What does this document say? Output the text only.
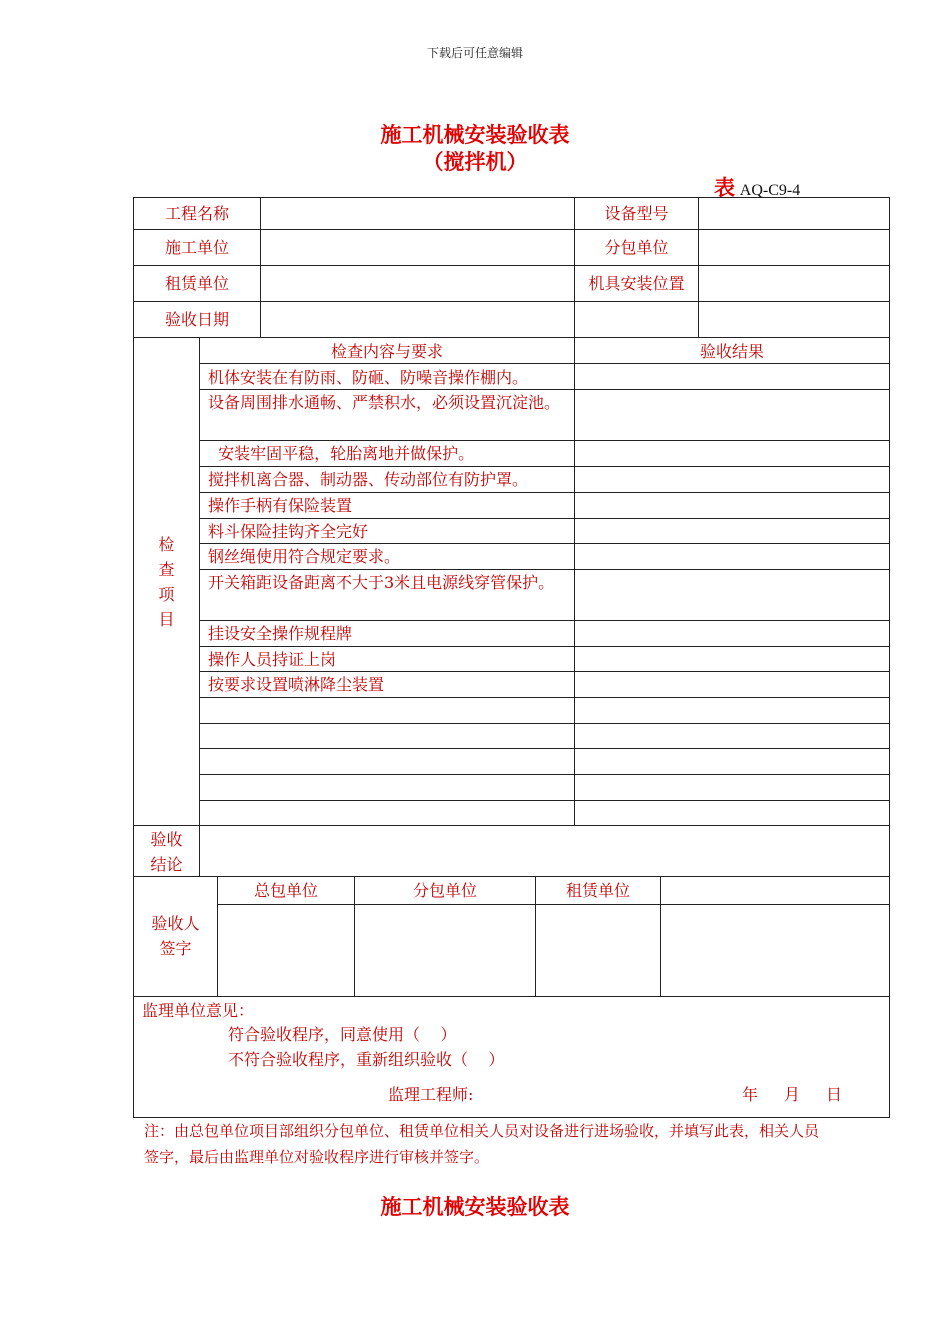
下载后可任意编辑
施工机械安装验收表
（搅拌机）
表 AQ-C9-4
工程名称	设备型号
施工单位	分包单位
租赁单位	机具安装位置
验收日期
检
查
项
目
检查内容与要求	验收结果
机体安装在有防雨、防砸、防噪音操作棚内。
设备周围排水通畅、严禁积水，必须设置沉淀池。
安装牢固平稳，轮胎离地并做保护。
搅拌机离合器、制动器、传动部位有防护罩。
操作手柄有保险装置
料斗保险挂钩齐全完好
钢丝绳使用符合规定要求。
开关箱距设备距离不大于3米且电源线穿管保护。
挂设安全操作规程牌
操作人员持证上岗
按要求设置喷淋降尘装置
验收
结论
验收人
签字
总包单位	分包单位	租赁单位
监理单位意见：
符合验收程序，同意使用（    ）
不符合验收程序，重新组织验收（    ）
监理工程师:	年 月 日
注：由总包单位项目部组织分包单位、租赁单位相关人员对设备进行进场验收，并填写此表，相关人员签字，最后由监理单位对验收程序进行审核并签字。
施工机械安装验收表
